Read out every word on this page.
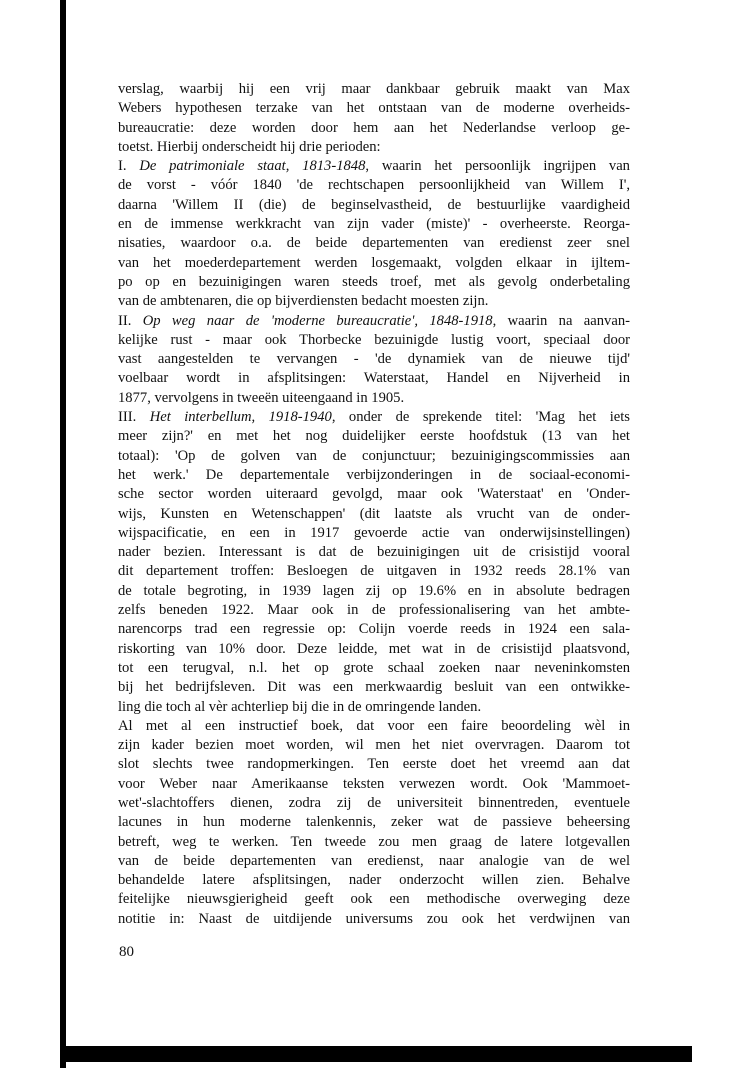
verslag, waarbij hij een vrij maar dankbaar gebruik maakt van Max
Webers hypothesen terzake van het ontstaan van de moderne overheids-
bureaucratie: deze worden door hem aan het Nederlandse verloop ge-
toetst. Hierbij onderscheidt hij drie perioden:
I. De patrimoniale staat, 1813-1848, waarin het persoonlijk ingrijpen van
de vorst - vóór 1840 'de rechtschapen persoonlijkheid van Willem I',
daarna 'Willem II (die) de beginselvastheid, de bestuurlijke vaardigheid
en de immense werkkracht van zijn vader (miste)' - overheerste. Reorga-
nisaties, waardoor o.a. de beide departementen van eredienst zeer snel
van het moederdepartement werden losgemaakt, volgden elkaar in ijltem-
po op en bezuinigingen waren steeds troef, met als gevolg onderbetaling
van de ambtenaren, die op bijverdiensten bedacht moesten zijn.
II. Op weg naar de 'moderne bureaucratie', 1848-1918, waarin na aanvan-
kelijke rust - maar ook Thorbecke bezuinigde lustig voort, speciaal door
vast aangestelden te vervangen - 'de dynamiek van de nieuwe tijd'
voelbaar wordt in afsplitsingen: Waterstaat, Handel en Nijverheid in
1877, vervolgens in tweeën uiteengaand in 1905.
III. Het interbellum, 1918-1940, onder de sprekende titel: 'Mag het iets
meer zijn?' en met het nog duidelijker eerste hoofdstuk (13 van het
totaal): 'Op de golven van de conjunctuur; bezuinigingscommissies aan
het werk.' De departementale verbijzonderingen in de sociaal-economi-
sche sector worden uiteraard gevolgd, maar ook 'Waterstaat' en 'Onder-
wijs, Kunsten en Wetenschappen' (dit laatste als vrucht van de onder-
wijspacificatie, en een in 1917 gevoerde actie van onderwijsinstellingen)
nader bezien. Interessant is dat de bezuinigingen uit de crisistijd vooral
dit departement troffen: Besloegen de uitgaven in 1932 reeds 28.1% van
de totale begroting, in 1939 lagen zij op 19.6% en in absolute bedragen
zelfs beneden 1922. Maar ook in de professionalisering van het ambte-
narencorps trad een regressie op: Colijn voerde reeds in 1924 een sala-
riskorting van 10% door. Deze leidde, met wat in de crisistijd plaatsvond,
tot een terugval, n.l. het op grote schaal zoeken naar neveninkomsten
bij het bedrijfsleven. Dit was een merkwaardig besluit van een ontwikke-
ling die toch al vèr achterliep bij die in de omringende landen.
Al met al een instructief boek, dat voor een faire beoordeling wèl in
zijn kader bezien moet worden, wil men het niet overvragen. Daarom tot
slot slechts twee randopmerkingen. Ten eerste doet het vreemd aan dat
voor Weber naar Amerikaanse teksten verwezen wordt. Ook 'Mammoet-
wet'-slachtoffers dienen, zodra zij de universiteit binnentreden, eventuele
lacunes in hun moderne talenkennis, zeker wat de passieve beheersing
betreft, weg te werken. Ten tweede zou men graag de latere lotgevallen
van de beide departementen van eredienst, naar analogie van de wel
behandelde latere afsplitsingen, nader onderzocht willen zien. Behalve
feitelijke nieuwsgierigheid geeft ook een methodische overweging deze
notitie in: Naast de uitdijende universums zou ook het verdwijnen van
80
